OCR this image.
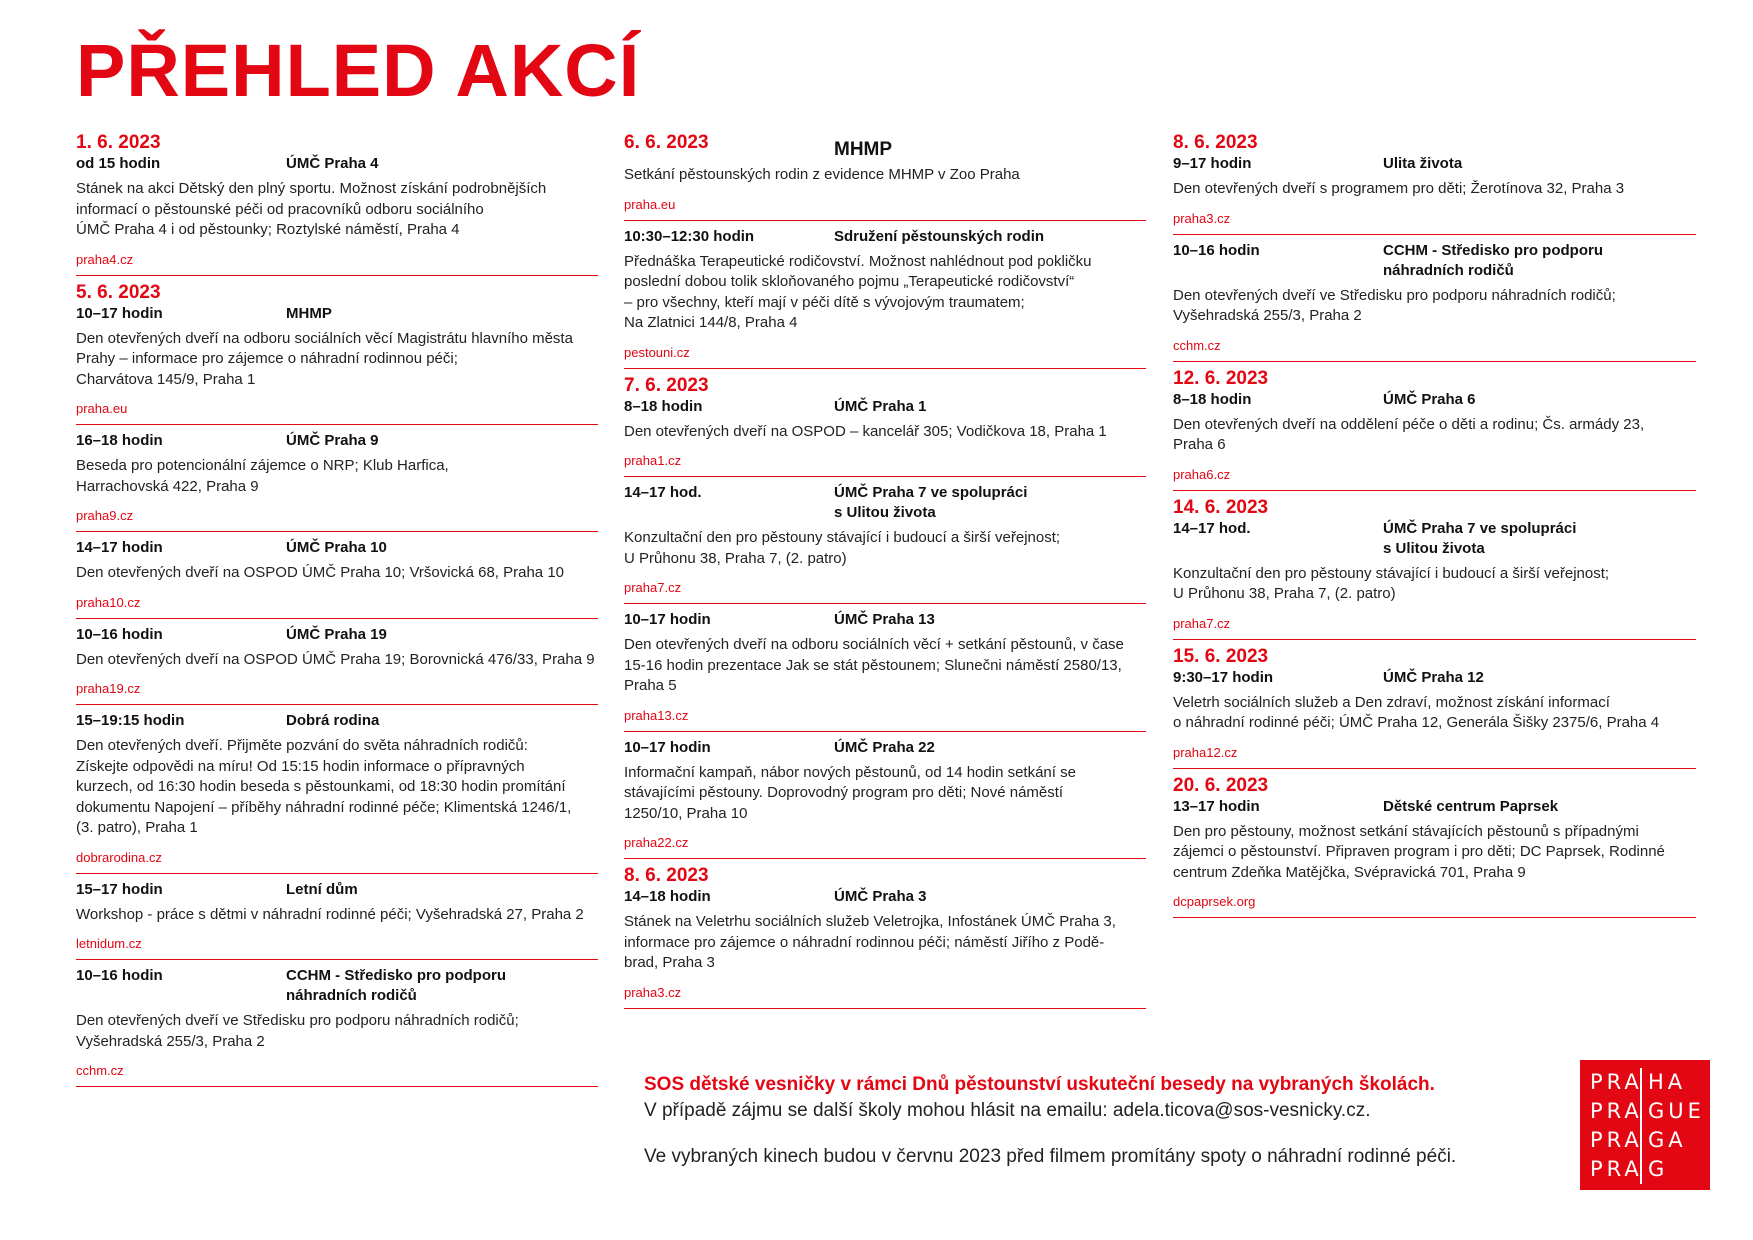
PŘEHLED AKCÍ
1. 6. 2023
od 15 hodin	ÚMČ Praha 4
Stánek na akci Dětský den plný sportu. Možnost získání podrobnějších
informací o pěstounské péči od pracovníků odboru sociálního
ÚMČ Praha 4 i od pěstounky; Roztylské náměstí, Praha 4
praha4.cz
5. 6. 2023
10–17 hodin	MHMP
Den otevřených dveří na odboru sociálních věcí Magistrátu hlavního města
Prahy – informace pro zájemce o náhradní rodinnou péči;
Charvátova 145/9, Praha 1
praha.eu
16–18 hodin	ÚMČ Praha 9
Beseda pro potencionální zájemce o NRP; Klub Harfica,
Harrachovská 422, Praha 9
praha9.cz
14–17 hodin	ÚMČ Praha 10
Den otevřených dveří na OSPOD ÚMČ Praha 10; Vršovická 68, Praha 10
praha10.cz
10–16 hodin	ÚMČ Praha 19
Den otevřených dveří na OSPOD ÚMČ Praha 19; Borovnická 476/33, Praha 9
praha19.cz
15–19:15 hodin	Dobrá rodina
Den otevřených dveří. Přijměte pozvání do světa náhradních rodičů:
Získejte odpovědi na míru! Od 15:15 hodin informace o přípravných
kurzech, od 16:30 hodin beseda s pěstounkami, od 18:30 hodin promítání
dokumentu Napojení – příběhy náhradní rodinné péče; Klimentská 1246/1,
(3. patro), Praha 1
dobrarodina.cz
15–17 hodin	Letní dům
Workshop - práce s dětmi v náhradní rodinné péči; Vyšehradská 27, Praha 2
letnidum.cz
10–16 hodin	CCHM - Středisko pro podporu
náhradních rodičů
Den otevřených dveří ve Středisku pro podporu náhradních rodičů;
Vyšehradská 255/3, Praha 2
cchm.cz
6. 6. 2023	MHMP
Setkání pěstounských rodin z evidence MHMP v Zoo Praha
praha.eu
10:30–12:30 hodin	Sdružení pěstounských rodin
Přednáška Terapeutické rodičovství. Možnost nahlédnout pod pokličku
poslední dobou tolik skloňovaného pojmu „Terapeutické rodičovství“
– pro všechny, kteří mají v péči dítě s vývojovým traumatem;
Na Zlatnici 144/8, Praha 4
pestouni.cz
7. 6. 2023
8–18 hodin	ÚMČ Praha 1
Den otevřených dveří na OSPOD – kancelář 305; Vodičkova 18, Praha 1
praha1.cz
14–17 hod.	ÚMČ Praha 7 ve spolupráci
s Ulitou života
Konzultační den pro pěstouny stávající i budoucí a širší veřejnost;
U Průhonu 38, Praha 7, (2. patro)
praha7.cz
10–17 hodin	ÚMČ Praha 13
Den otevřených dveří na odboru sociálních věcí + setkání pěstounů, v čase
15-16 hodin prezentace Jak se stát pěstounem; Slunečni náměstí 2580/13,
Praha 5
praha13.cz
10–17 hodin	ÚMČ Praha 22
Informační kampaň, nábor nových pěstounů, od 14 hodin setkání se
stávajícími pěstouny. Doprovodný program pro děti; Nové náměstí
1250/10, Praha 10
praha22.cz
8. 6. 2023
14–18 hodin	ÚMČ Praha 3
Stánek na Veletrhu sociálních služeb Veletrojka, Infostánek ÚMČ Praha 3,
informace pro zájemce o náhradní rodinnou péči; náměstí Jiřího z Podě-
brad, Praha 3
praha3.cz
8. 6. 2023
9–17 hodin	Ulita života
Den otevřených dveří s programem pro děti; Žerotínova 32, Praha 3
praha3.cz
10–16 hodin	CCHM - Středisko pro podporu
náhradních rodičů
Den otevřených dveří ve Středisku pro podporu náhradních rodičů;
Vyšehradská 255/3, Praha 2
cchm.cz
12. 6. 2023
8–18 hodin	ÚMČ Praha 6
Den otevřených dveří na oddělení péče o děti a rodinu; Čs. armády 23,
Praha 6
praha6.cz
14. 6. 2023
14–17 hod.	ÚMČ Praha 7 ve spolupráci
s Ulitou života
Konzultační den pro pěstouny stávající i budoucí a širší veřejnost;
U Průhonu 38, Praha 7, (2. patro)
praha7.cz
15. 6. 2023
9:30–17 hodin	ÚMČ Praha 12
Veletrh sociálních služeb a Den zdraví, možnost získání informací
o náhradní rodinné péči; ÚMČ Praha 12, Generála Šišky 2375/6, Praha 4
praha12.cz
20. 6. 2023
13–17 hodin	Dětské centrum Paprsek
Den pro pěstouny, možnost setkání stávajících pěstounů s případnými
zájemci o pěstounství. Připraven program i pro děti; DC Paprsek, Rodinné
centrum Zdeňka Matějčka, Svépravická 701, Praha 9
dcpaprsek.org
SOS dětské vesničky v rámci Dnů pěstounství uskuteční besedy na vybraných školách.
V případě zájmu se další školy mohou hlásit na emailu: adela.ticova@sos-vesnicky.cz.
Ve vybraných kinech budou v červnu 2023 před filmem promítány spoty o náhradní rodinné péči.
PRA HA
PRA GUE
PRA GA
PRA G
